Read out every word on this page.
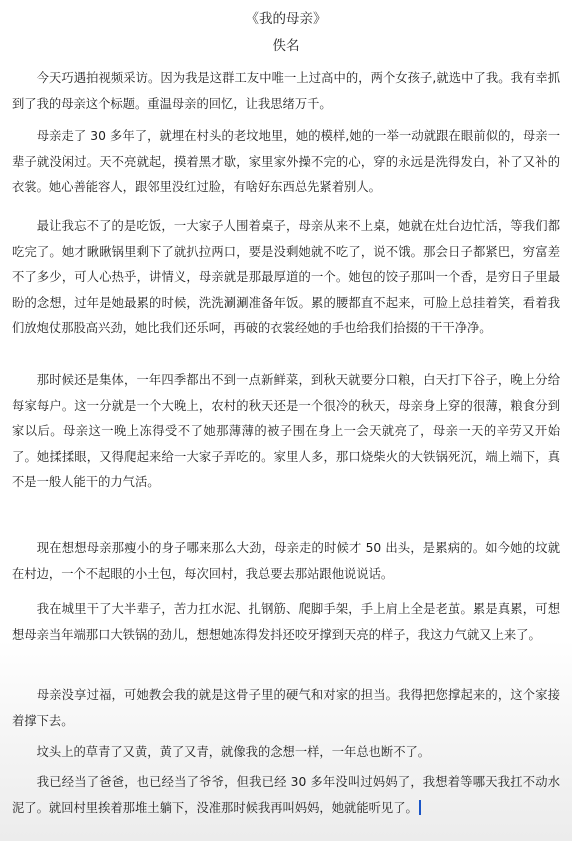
《我的母亲》
佚名
  今天巧遇拍视频采访。因为我是这群工友中唯一上过高中的，两个女孩子,就选中了我。我有幸抓到了我的母亲这个标题。重温母亲的回忆，让我思绪万千。
  母亲走了 30 多年了，就埋在村头的老坟地里，她的模样,她的一举一动就跟在眼前似的，母亲一辈子就没闲过。天不亮就起，摸着黑才歇，家里家外操不完的心，穿的永远是洗得发白，补了又补的衣裳。她心善能容人，跟邻里没红过脸，有啥好东西总先紧着别人。
  最让我忘不了的是吃饭，一大家子人围着桌子，母亲从来不上桌，她就在灶台边忙活，等我们都吃完了。她才瞅瞅锅里剩下了就扒拉两口，要是没剩她就不吃了，说不饿。那会日子都紧巴，穷富差不了多少，可人心热乎，讲情义，母亲就是那最厚道的一个。她包的饺子那叫一个香，是穷日子里最盼的念想，过年是她最累的时候，洗洗涮涮准备年饭。累的腰都直不起来，可脸上总挂着笑，看着我们放炮仗那股高兴劲，她比我们还乐呵，再破的衣裳经她的手也给我们拾掇的干干净净。
  那时候还是集体，一年四季都出不到一点新鲜菜，到秋天就要分口粮，白天打下谷子，晚上分给每家每户。这一分就是一个大晚上，农村的秋天还是一个很冷的秋天，母亲身上穿的很薄，粮食分到家以后。母亲这一晚上冻得受不了她那薄薄的被子围在身上一会天就亮了，母亲一天的辛劳又开始了。她揉揉眼，又得爬起来给一大家子弄吃的。家里人多，那口烧柴火的大铁锅死沉，端上端下，真不是一般人能干的力气活。
  现在想想母亲那瘦小的身子哪来那么大劲，母亲走的时候才 50 出头，是累病的。如今她的坟就在村边，一个不起眼的小土包，每次回村，我总要去那站跟他说说话。
  我在城里干了大半辈子，苦力扛水泥、扎钢筋、爬脚手架，手上肩上全是老茧。累是真累，可想想母亲当年端那口大铁锅的劲儿，想想她冻得发抖还咬牙撑到天亮的样子，我这力气就又上来了。
  母亲没享过福，可她教会我的就是这骨子里的硬气和对家的担当。我得把您撑起来的，这个家接着撑下去。
  坟头上的草青了又黄，黄了又青，就像我的念想一样，一年总也断不了。
  我已经当了爸爸，也已经当了爷爷，但我已经 30 多年没叫过妈妈了，我想着等哪天我扛不动水泥了。就回村里挨着那堆土躺下，没准那时候我再叫妈妈，她就能听见了。
